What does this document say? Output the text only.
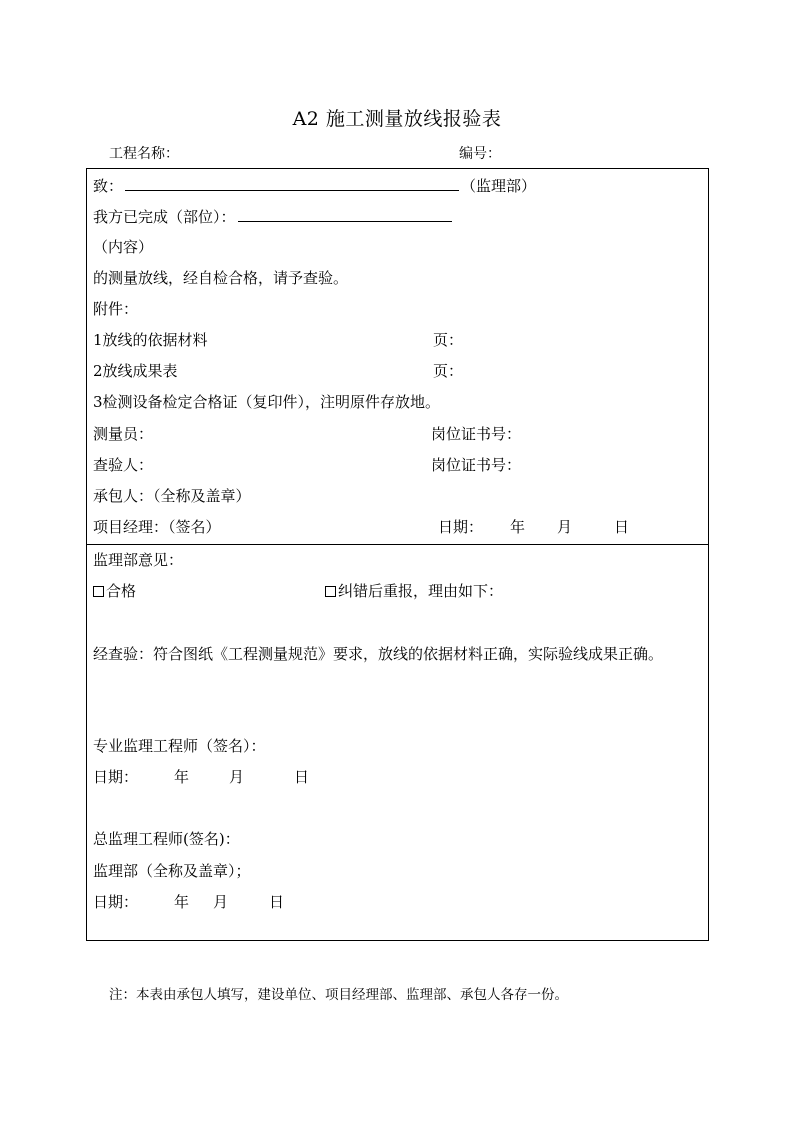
A2 施工测量放线报验表
工程名称：	编号：
致：	（监理部）
我方已完成（部位）：
（内容）
的测量放线，经自检合格，请予查验。
附件：
1放线的依据材料	页：
2放线成果表	页：
3检测设备检定合格证（复印件），注明原件存放地。
测量员：	岗位证书号：
查验人：	岗位证书号：
承包人：（全称及盖章）
项目经理：（签名）	日期： 年 月	日
监理部意见：
合格	纠错后重报，理由如下：
经查验：符合图纸《工程测量规范》要求，放线的依据材料正确，实际验线成果正确。
专业监理工程师（签名）：
日期： 年	月	日
总监理工程师(签名)：
监理部（全称及盖章）；
日期： 年 月	日
注：本表由承包人填写，建设单位、项目经理部、监理部、承包人各存一份。
